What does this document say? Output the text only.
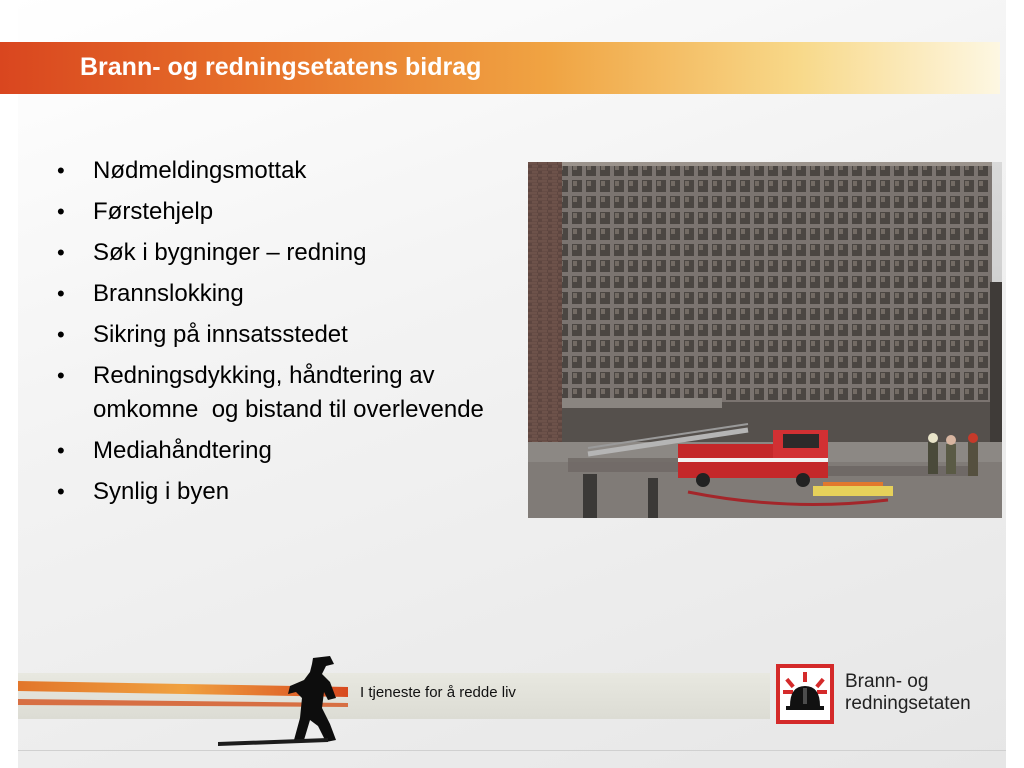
Brann- og redningsetatens bidrag
• Nødmeldingsmottak
• Førstehjelp
• Søk i bygninger – redning
• Brannslokking
• Sikring på innsatsstedet
• Redningsdykking, håndtering av omkomne  og bistand til overlevende
• Mediahåndtering
• Synlig i byen
I tjeneste for å redde liv
Brann- og
redningsetaten
